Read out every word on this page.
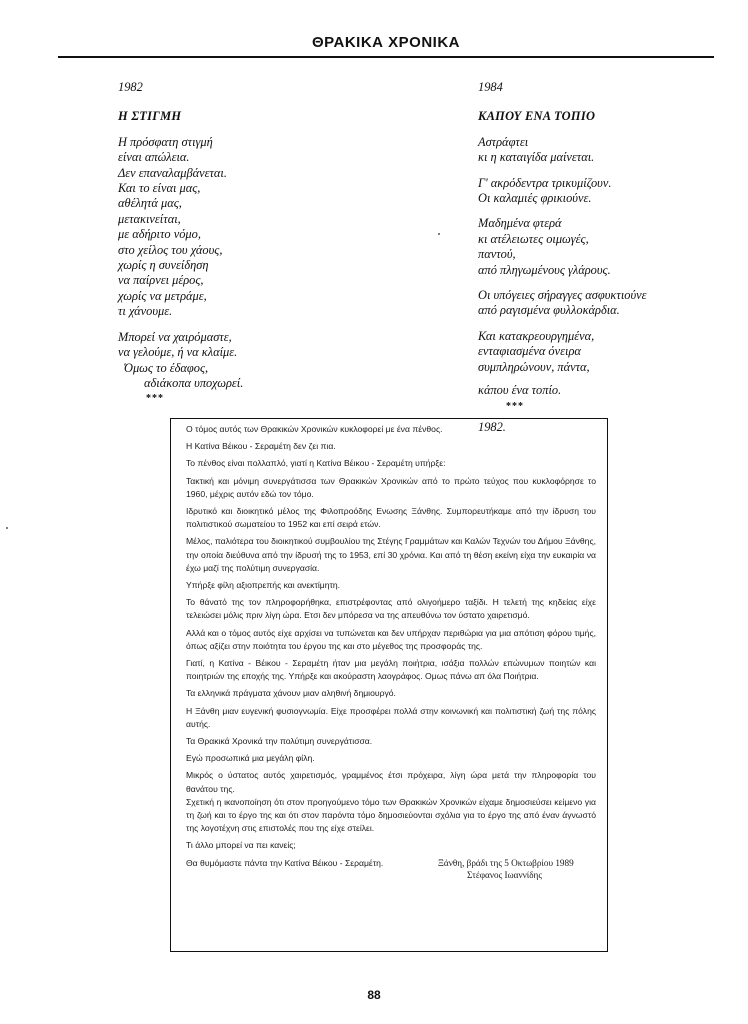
ΘΡΑΚΙΚΑ ΧΡΟΝΙΚΑ
1982
Η ΣΤΙΓΜΗ
Η πρόσφατη στιγμή
είναι απώλεια.
Δεν επαναλαμβάνεται.
Και το είναι μας,
αθέλητά μας,
μετακινείται,
με αδήριτο νόμο,
στο χείλος του χάους,
χωρίς η συνείδηση
να παίρνει μέρος,
χωρίς να μετράμε,
τι χάνουμε.
Μπορεί να χαιρόμαστε,
να γελούμε, ή να κλαίμε.
Όμως το έδαφος,
αδιάκοπα υποχωρεί.
***
1984
ΚΑΠΟΥ ΕΝΑ ΤΟΠΙΟ
Αστράφτει
κι η καταιγίδα μαίνεται.
Γ' ακρόδεντρα τρικυμίζουν.
Οι καλαμιές φρικιούνε.
Μαδημένα φτερά
κι ατέλειωτες οιμωγές,
παντού,
από πληγωμένους γλάρους.
Οι υπόγειες σήραγγες ασφυκτιούνε
από ραγισμένα φυλλοκάρδια.
Και κατακρεουργημένα,
ενταφιασμένα όνειρα
συμπληρώνουν, πάντα,
κάπου ένα τοπίο.
***
1982.

Ο τόμος αυτός των Θρακικών Χρονικών κυκλοφορεί με ένα πένθος.

Η Κατίνα Βέικου - Σεραμέτη δεν ζει πια.

Το πένθος είναι πολλαπλό, γιατί η Κατίνα Βέικου - Σεραμέτη υπήρξε:

Τακτική και μόνιμη συνεργάτισσα των Θρακικών Χρονικών από το πρώτο τεύχος που κυκλοφόρησε το 1960, μέχρις αυτόν εδώ τον τόμο.

Ιδρυτικό και διοικητικό μέλος της Φιλοπροόδης Ενωσης Ξάνθης. Συμπορευτήκαμε από την ίδρυση του πολιτιστικού σωματείου το 1952 και επί σειρά ετών.

Μέλος, παλιότερα του διοικητικού συμβουλίου της Στέγης Γραμμάτων και Καλών Τεχνών του Δήμου Ξάνθης, την οποία διεύθυνα από την ίδρυσή της το 1953, επί 30 χρόνια. Και από τη θέση εκείνη είχα την ευκαιρία να έχω μαζί της πολύτιμη συνεργασία.

Υπήρξε φίλη αξιοπρεπής και ανεκτίμητη.

Το θάνατό της τον πληροφορήθηκα, επιστρέφοντας από ολιγοήμερο ταξίδι. Η τελετή της κηδείας είχε τελειώσει μόλις πριν λίγη ώρα. Ετσι δεν μπόρεσα να της απευθύνω τον ύστατο χαιρετισμό.

Αλλά και ο τόμος αυτός είχε αρχίσει να τυπώνεται και δεν υπήρχαν περιθώρια για μια απότιση φόρου τιμής, όπως αξίζει στην ποιότητα του έργου της και στο μέγεθος της προσφοράς της.

Γιατί, η Κατίνα - Βέικου - Σεραμέτη ήταν μια μεγάλη ποιήτρια, ισάξια πολλών επώνυμων ποιητών και ποιητριών της εποχής της. Υπήρξε και ακούραστη λαογράφος. Ομως πάνω απ όλα Ποιήτρια.

Τα ελληνικά πράγματα χάνουν μιαν αληθινή δημιουργό.

Η Ξάνθη μιαν ευγενική φυσιογνωμία. Είχε προσφέρει πολλά στην κοινωνική και πολιτιστική ζωή της πόλης αυτής.

Τα Θρακικά Χρονικά την πολύτιμη συνεργάτισσα.

Εγώ προσωπικά μια μεγάλη φίλη.

Μικρός ο ύστατος αυτός χαιρετισμός, γραμμένος έτσι πρόχειρα, λίγη ώρα μετά την πληροφορία του θανάτου της.

Σχετική η ικανοποίηση ότι στον προηγούμενο τόμο των Θρακικών Χρονικών είχαμε δημοσιεύσει κείμενο για τη ζωή και το έργο της και ότι στον παρόντα τόμο δημοσιεύονται σχόλια για το έργο της από έναν άγνωστό της λογοτέχνη στις επιστολές που της είχε στείλει.

Τι άλλο μπορεί να πει κανείς;

Θα θυμόμαστε πάντα την Κατίνα Βέικου - Σεραμέτη.	Ξάνθη, βράδι της 5 Οκτωβρίου 1989
Στέφανος Ιωαννίδης
88
